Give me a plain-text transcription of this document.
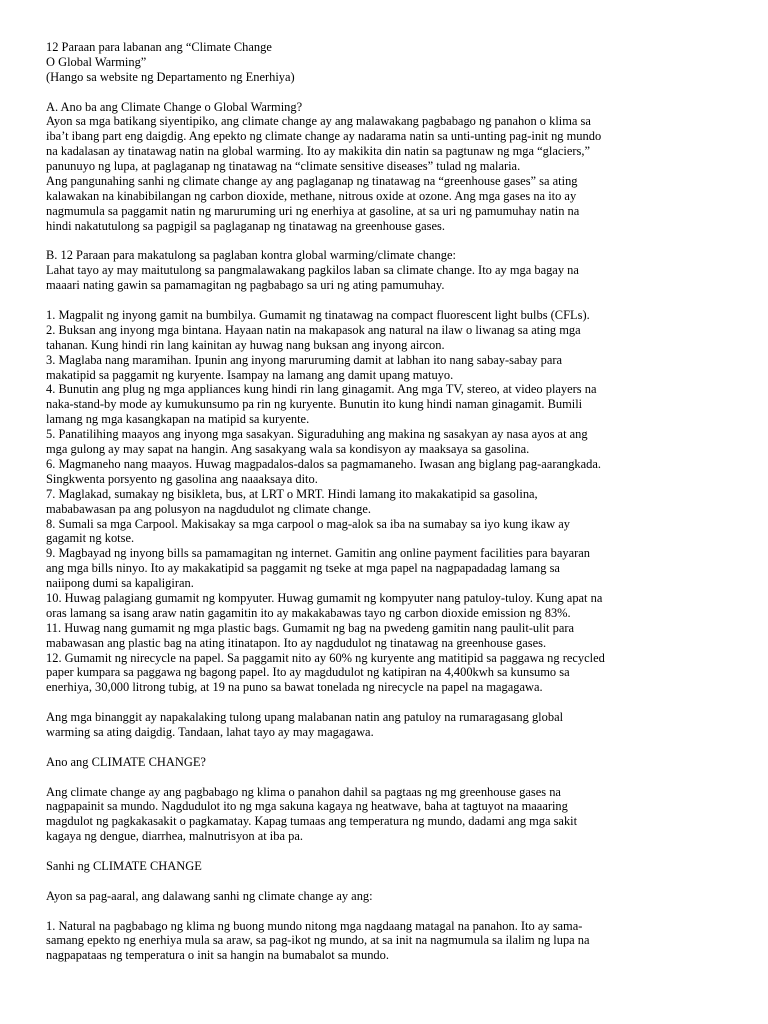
12 Paraan para labanan ang “Climate Change
O Global Warming”
(Hango sa website ng Departamento ng Enerhiya)
A. Ano ba ang Climate Change o Global Warming?
Ayon sa mga batikang siyentipiko, ang climate change ay ang malawakang pagbabago ng panahon o klima sa
iba’t ibang part eng daigdig. Ang epekto ng climate change ay nadarama natin sa unti-unting pag-init ng mundo
na kadalasan ay tinatawag natin na global warming. Ito ay makikita din natin sa pagtunaw ng mga “glaciers,”
panunuyo ng lupa, at paglaganap ng tinatawag na “climate sensitive diseases” tulad ng malaria.
Ang pangunahing sanhi ng climate change ay ang paglaganap ng tinatawag na “greenhouse gases” sa ating
kalawakan na kinabibilangan ng carbon dioxide, methane, nitrous oxide at ozone. Ang mga gases na ito ay
nagmumula sa paggamit natin ng maruruming uri ng enerhiya at gasoline, at sa uri ng pamumuhay natin na
hindi nakatutulong sa pagpigil sa paglaganap ng tinatawag na greenhouse gases.
B. 12 Paraan para makatulong sa paglaban kontra global warming/climate change:
Lahat tayo ay may maitutulong sa pangmalawakang pagkilos laban sa climate change. Ito ay mga bagay na
maaari nating gawin sa pamamagitan ng pagbabago sa uri ng ating pamumuhay.
1. Magpalit ng inyong gamit na bumbilya. Gumamit ng tinatawag na compact fluorescent light bulbs (CFLs).
2. Buksan ang inyong mga bintana. Hayaan natin na makapasok ang natural na ilaw o liwanag sa ating mga
tahanan. Kung hindi rin lang kainitan ay huwag nang buksan ang inyong aircon.
3. Maglaba nang maramihan. Ipunin ang inyong maruruming damit at labhan ito nang sabay-sabay para
makatipid sa paggamit ng kuryente. Isampay na lamang ang damit upang matuyo.
4. Bunutin ang plug ng mga appliances kung hindi rin lang ginagamit. Ang mga TV, stereo, at video players na
naka-stand-by mode ay kumukunsumo pa rin ng kuryente. Bunutin ito kung hindi naman ginagamit. Bumili
lamang ng mga kasangkapan na matipid sa kuryente.
5. Panatilihing maayos ang inyong mga sasakyan. Siguraduhing ang makina ng sasakyan ay nasa ayos at ang
mga gulong ay may sapat na hangin. Ang sasakyang wala sa kondisyon ay maaksaya sa gasolina.
6. Magmaneho nang maayos. Huwag magpadalos-dalos sa pagmamaneho. Iwasan ang biglang pag-aarangkada.
Singkwenta porsyento ng gasolina ang naaaksaya dito.
7. Maglakad, sumakay ng bisikleta, bus, at LRT o MRT. Hindi lamang ito makakatipid sa gasolina,
mababawasan pa ang polusyon na nagdudulot ng climate change.
8. Sumali sa mga Carpool. Makisakay sa mga carpool o mag-alok sa iba na sumabay sa iyo kung ikaw ay
gagamit ng kotse.
9. Magbayad ng inyong bills sa pamamagitan ng internet. Gamitin ang online payment facilities para bayaran
ang mga bills ninyo. Ito ay makakatipid sa paggamit ng tseke at mga papel na nagpapadadag lamang sa
naiipong dumi sa kapaligiran.
10. Huwag palagiang gumamit ng kompyuter. Huwag gumamit ng kompyuter nang patuloy-tuloy. Kung apat na
oras lamang sa isang araw natin gagamitin ito ay makakabawas tayo ng carbon dioxide emission ng 83%.
11. Huwag nang gumamit ng mga plastic bags. Gumamit ng bag na pwedeng gamitin nang paulit-ulit para
mabawasan ang plastic bag na ating itinatapon. Ito ay nagdudulot ng tinatawag na greenhouse gases.
12. Gumamit ng nirecycle na papel. Sa paggamit nito ay 60% ng kuryente ang matitipid sa paggawa ng recycled
paper kumpara sa paggawa ng bagong papel. Ito ay magdudulot ng katipiran na 4,400kwh sa kunsumo sa
enerhiya, 30,000 litrong tubig, at 19 na puno sa bawat tonelada ng nirecycle na papel na magagawa.
Ang mga binanggit ay napakalaking tulong upang malabanan natin ang patuloy na rumaragasang global
warming sa ating daigdig. Tandaan, lahat tayo ay may magagawa.
Ano ang CLIMATE CHANGE?
Ang climate change ay ang pagbabago ng klima o panahon dahil sa pagtaas ng mg greenhouse gases na
nagpapainit sa mundo. Nagdudulot ito ng mga sakuna kagaya ng heatwave, baha at tagtuyot na maaaring
magdulot ng pagkakasakit o pagkamatay. Kapag tumaas ang temperatura ng mundo, dadami ang mga sakit
kagaya ng dengue, diarrhea, malnutrisyon at iba pa.
Sanhi ng CLIMATE CHANGE
Ayon sa pag-aaral, ang dalawang sanhi ng climate change ay ang:
1. Natural na pagbabago ng klima ng buong mundo nitong mga nagdaang matagal na panahon. Ito ay sama-
samang epekto ng enerhiya mula sa araw, sa pag-ikot ng mundo, at sa init na nagmumula sa ilalim ng lupa na
nagpapataas ng temperatura o init sa hangin na bumabalot sa mundo.
